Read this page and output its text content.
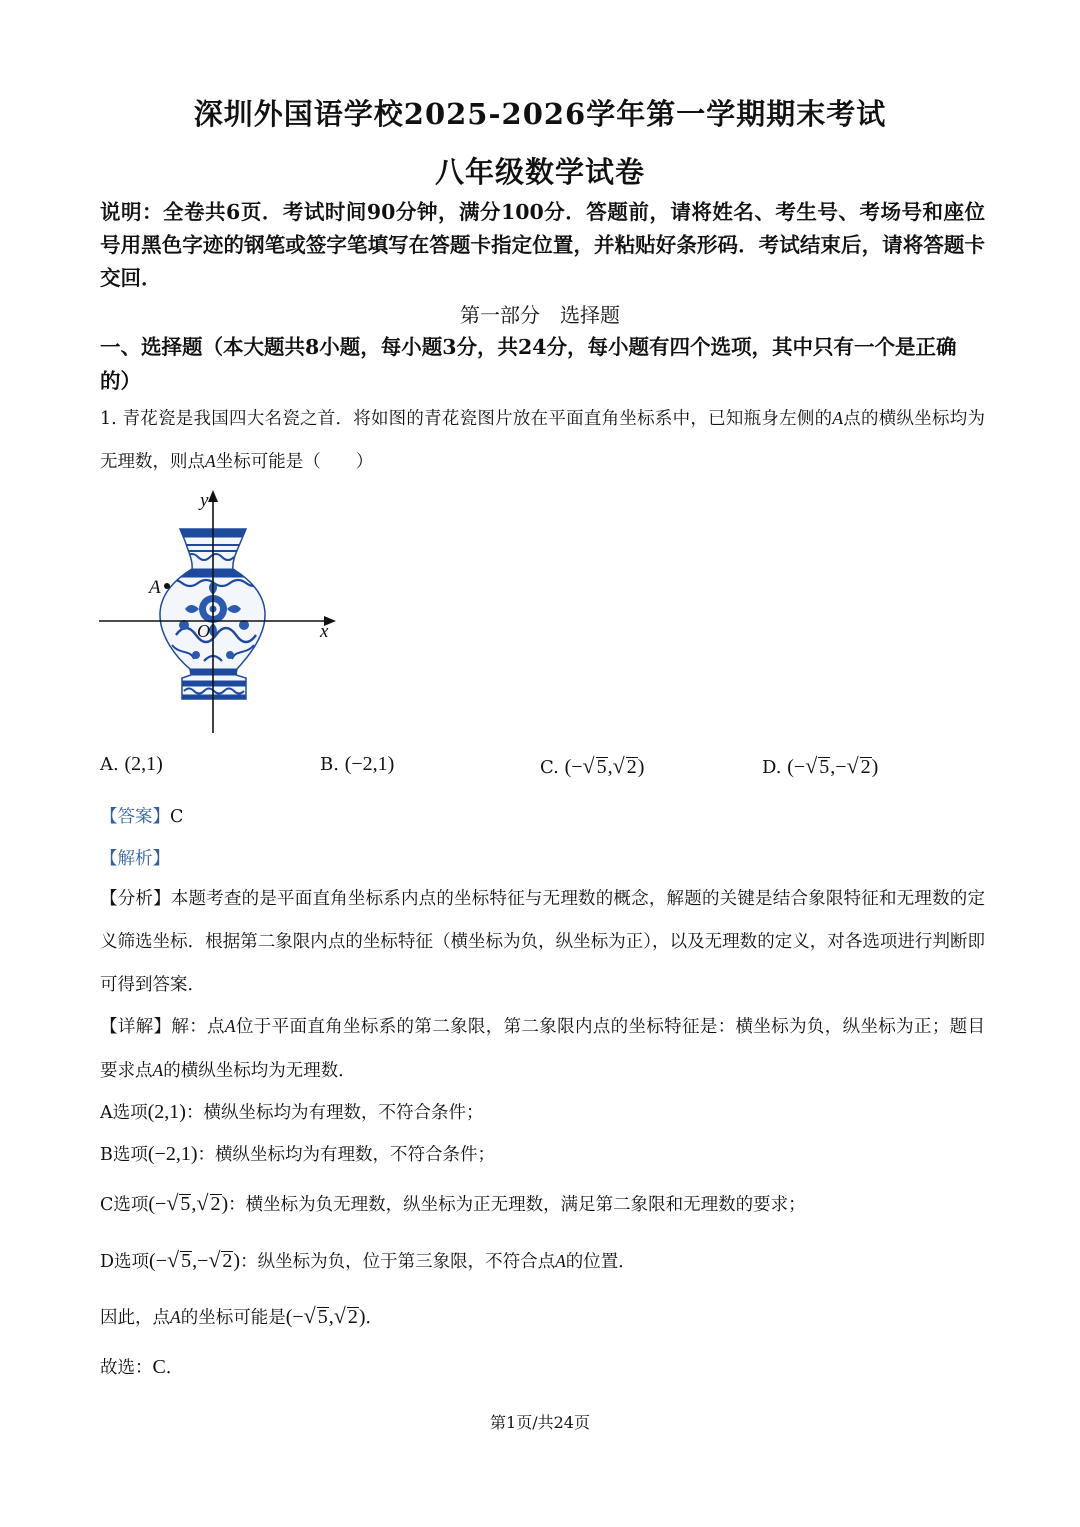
深圳外国语学校2025-2026学年第一学期期末考试
八年级数学试卷

说明：全卷共6页．考试时间90分钟，满分100分．答题前，请将姓名、考生号、考场号和座位号用黑色字迹的钢笔或签字笔填写在答题卡指定位置，并粘贴好条形码．考试结束后，请将答题卡交回．

第一部分　选择题

一、选择题（本大题共8小题，每小题3分，共24分，每小题有四个选项，其中只有一个是正确的）

1. 青花瓷是我国四大名瓷之首．将如图的青花瓷图片放在平面直角坐标系中，已知瓶身左侧的A点的横纵坐标均为无理数，则点A坐标可能是（　　）

A
y
x
O
A. (2,1)	B. (−2,1)	C. (−√ 5,√ 2)	D. (−√ 5,−√ 2)

【答案】C

【解析】

【分析】本题考查的是平面直角坐标系内点的坐标特征与无理数的概念，解题的关键是结合象限特征和无理数的定义筛选坐标．根据第二象限内点的坐标特征（横坐标为负，纵坐标为正），以及无理数的定义，对各选项进行判断即可得到答案．

【详解】解：点A位于平面直角坐标系的第二象限，第二象限内点的坐标特征是：横坐标为负，纵坐标为正；题目要求点A的横纵坐标均为无理数．

A选项(2,1)：横纵坐标均为有理数，不符合条件；

B选项(−2,1)：横纵坐标均为有理数，不符合条件；

C选项(−√ 5,√ 2)：横坐标为负无理数，纵坐标为正无理数，满足第二象限和无理数的要求；

D选项(−√ 5,−√ 2)：纵坐标为负，位于第三象限，不符合点A的位置．

因此，点A的坐标可能是(−√ 5,√ 2)．

故选：C．

第1页/共24页
